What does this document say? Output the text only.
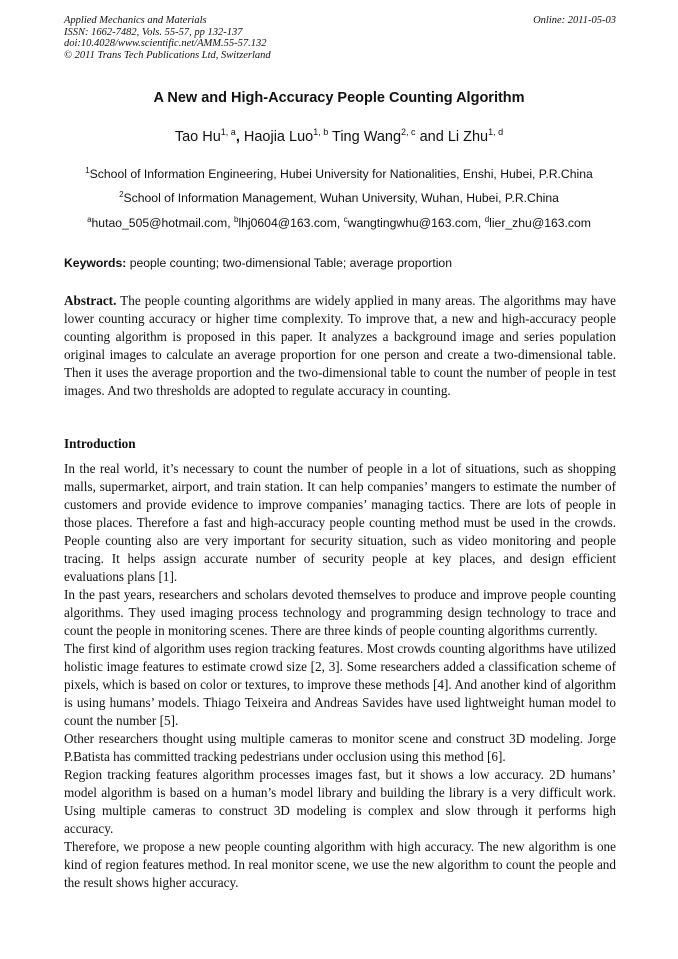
Applied Mechanics and Materials
ISSN: 1662-7482, Vols. 55-57, pp 132-137
doi:10.4028/www.scientific.net/AMM.55-57.132
© 2011 Trans Tech Publications Ltd, Switzerland
Online: 2011-05-03
A New and High-Accuracy People Counting Algorithm
Tao Hu$^{1, a}$, Haojia Luo$^{1, b}$ Ting Wang$^{2, c}$ and Li Zhu$^{1, d}$
$^1$School of Information Engineering, Hubei University for Nationalities, Enshi, Hubei, P.R.China
$^2$School of Information Management, Wuhan University, Wuhan, Hubei, P.R.China
$^a$hutao_505@hotmail.com, $^b$lhj0604@163.com, $^c$wangtingwhu@163.com, $^d$lier_zhu@163.com
Keywords: people counting; two-dimensional Table; average proportion

Abstract. The people counting algorithms are widely applied in many areas. The algorithms may have lower counting accuracy or higher time complexity. To improve that, a new and high-accuracy people counting algorithm is proposed in this paper. It analyzes a background image and series population original images to calculate an average proportion for one person and create a two-dimensional table. Then it uses the average proportion and the two-dimensional table to count the number of people in test images. And two thresholds are adopted to regulate accuracy in counting.

Introduction

In the real world, it’s necessary to count the number of people in a lot of situations, such as shopping malls, supermarket, airport, and train station. It can help companies’ mangers to estimate the number of customers and provide evidence to improve companies’ managing tactics. There are lots of people in those places. Therefore a fast and high-accuracy people counting method must be used in the crowds. People counting also are very important for security situation, such as video monitoring and people tracing. It helps assign accurate number of security people at key places, and design efficient evaluations plans [1].

In the past years, researchers and scholars devoted themselves to produce and improve people counting algorithms. They used imaging process technology and programming design technology to trace and count the people in monitoring scenes. There are three kinds of people counting algorithms currently.

The first kind of algorithm uses region tracking features. Most crowds counting algorithms have utilized holistic image features to estimate crowd size [2, 3]. Some researchers added a classification scheme of pixels, which is based on color or textures, to improve these methods [4]. And another kind of algorithm is using humans’ models. Thiago Teixeira and Andreas Savides have used lightweight human model to count the number [5].

Other researchers thought using multiple cameras to monitor scene and construct 3D modeling. Jorge P.Batista has committed tracking pedestrians under occlusion using this method [6].

Region tracking features algorithm processes images fast, but it shows a low accuracy. 2D humans’ model algorithm is based on a human’s model library and building the library is a very difficult work. Using multiple cameras to construct 3D modeling is complex and slow through it performs high accuracy.

Therefore, we propose a new people counting algorithm with high accuracy. The new algorithm is one kind of region features method. In real monitor scene, we use the new algorithm to count the people and the result shows higher accuracy.
